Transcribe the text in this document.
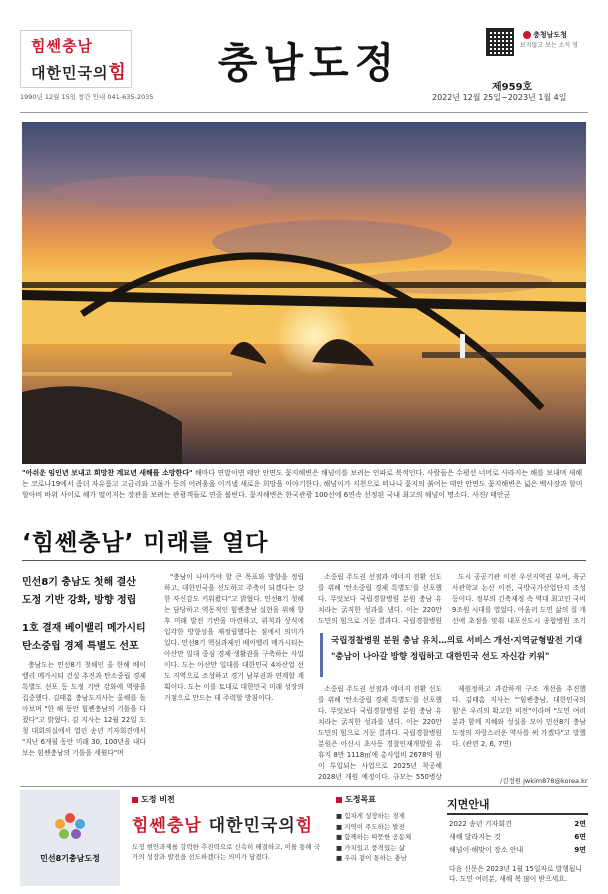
힘쎈충남
대한민국의힘
1990년 12월 15일 창간 안내 041-635-2035
충남도정
충청남도청
보지않고 보는 소식 영
제959호
2022년 12월 25일~2023년 1월 4일
"아쉬운 임인년 보내고 희망찬 계묘년 새해를 소망한다" 해마다 연말이면 태안 안면도 꽃지해변은 해넘이를 보려는 인파로 북적인다. 사람들은 수평선 너머로 사라지는 해를 보내며 새해는 코로나19에서 좀더 자유롭고 고금리와 고물가 등의 어려움을 이겨낼 새로운 희망을 이야기한다. 해넘이가 지천으로 떠나니 꽃지의 붉어는 태안 안면도 꽃지해변은 넓은 백사장과 할미할아비 바위 사이로 해가 떨어지는 장관을 보려는 관광객들로 연중 붐빈다. 꽃지해변은 한국관광 100선에 6연속 선정된 국내 최고의 해넘이 명소다. 사진/ 태안군
‘힘쎈충남’ 미래를 열다
민선8기 충남도 첫해 결산
도정 기반 강화, 방향 정립
1호 결재 베이밸리 메가시티
탄소중립 경제 특별도 선포

충남도는 민선8기 첫해인 올 한해 베이밸리 메가시티 건설 추진과 탄소중립 경제특별도 선포 등 도정 기반 강화에 역량을 집중했다. 김태흠 충남도지사는 올해를 돌아보며 "한 해 동안 힘쎈충남의 기틀을 다졌다"고 밝혔다. 김 지사는 12월 22일 도청 대회의실에서 열린 송년 기자회견에서 "지난 6개월 동안 미래 30, 100년을 내다보는 힘쎈충남의 기틀을 세웠다"며

"충남이 나아가야 할 큰 목표와 방향을 정립하고, 대한민국을 선도하고 주축이 되겠다는 강한 자신감도 키워왔다"고 밝혔다. 민선8기 첫해는 담당하고 역동적인 힘쎈충남 실현을 위해 향후 미래 발전 기반을 마련하고, 위척과 상식에 입각한 방향성을 재정립했다는 점에서 의미가 있다. 민선8기 핵심과제인 베이밸리 메가시티는 아산만 일대 중심 경제·생활권을 구축하는 사업이다. 도는 아산만 일대를 대한민국 4차산업 선도 지역으로 조성하고 경기 남부권과 연계할 계획이다. 도는 이를 토대로 대한민국 미래 성장의 거점으로 만드는 데 주력할 방침이다.

소중립 주도권 선점과 에너지 전환 선도를 위해 '탄소중립 경제 특별도'를 선포했다. 무엇보다 국립경찰병원 분원 충남 유치라는 굵직한 성과를 냈다. 이는 220만 도민의 힘으로 거둔 결과다. 국립경찰병원

도시 공공기관 이전 우선지역권 부여, 육군사관학교 논산 이전, 국방국가산업단지 조성 등이다. 정부의 긴축재정 속 역대 최고인 국비 9조원 시대를 열었다. 아울러 도민 삶의 질 개선에 초점을 맞춰 내포신도시 종합병원 조기

국립경찰병원 분원 충남 유치…의료 서비스 개선·지역균형발전 기대
"충남이 나아갈 방향 정립하고 대한민국 선도 자신감 키워"

소중립 주도권 선점과 에너지 전환 선도를 위해 '탄소중립 경제 특별도'를 선포했다. 무엇보다 국립경찰병원 분원 충남 유치라는 굵직한 성과를 냈다. 이는 220만 도민의 힘으로 거둔 결과다. 국립경찰병원 분원은 아산시 초사동 경찰인재개발원 유휴지 8만 1118㎡에 총사업비 2678억 원이 투입되는 사업으로 2025년 착공해 2028년 개원 예정이다. 규모는 550병상

제원정하고 과감하게 구조 개선을 추진했다. 김태흠 지사는 "'힘쎈충남, 대한민국의 힘'은 우리의 확고한 비전"이라며 "도민 여러분과 함께 지혜와 성실을 모아 민선8기 충남도정의 자랑스러운 역사를 써 가겠다"고 말했다. (관련 2, 6, 7면)

/김정원 jwkim878@korea.kr
민선8기충남도정
도정 비전
힘쎈충남 대한민국의힘
도정 현안과제를 강력한 추진력으로 신속히 해결하고, 이를 통해 국가의 성장과 발전을 선도하겠다는 의미가 담겼다.
도정목표
■ 힘차게 성장하는 경제
■ 지역이 주도하는 발전
■ 함께하는 따뜻한 공동체
■ 가치있고 풍격있는 삶
■ 우리 곁이 통하는 충남
지면안내
2022 송년 기자회견	2면
새해 달라지는 것	6면
해넘이·해맞이 장소 안내	9면
다음 신문은 2023년 1월 15일자로 발행됩니다. 도민 여러분, 새해 복 많이 받으세요.
